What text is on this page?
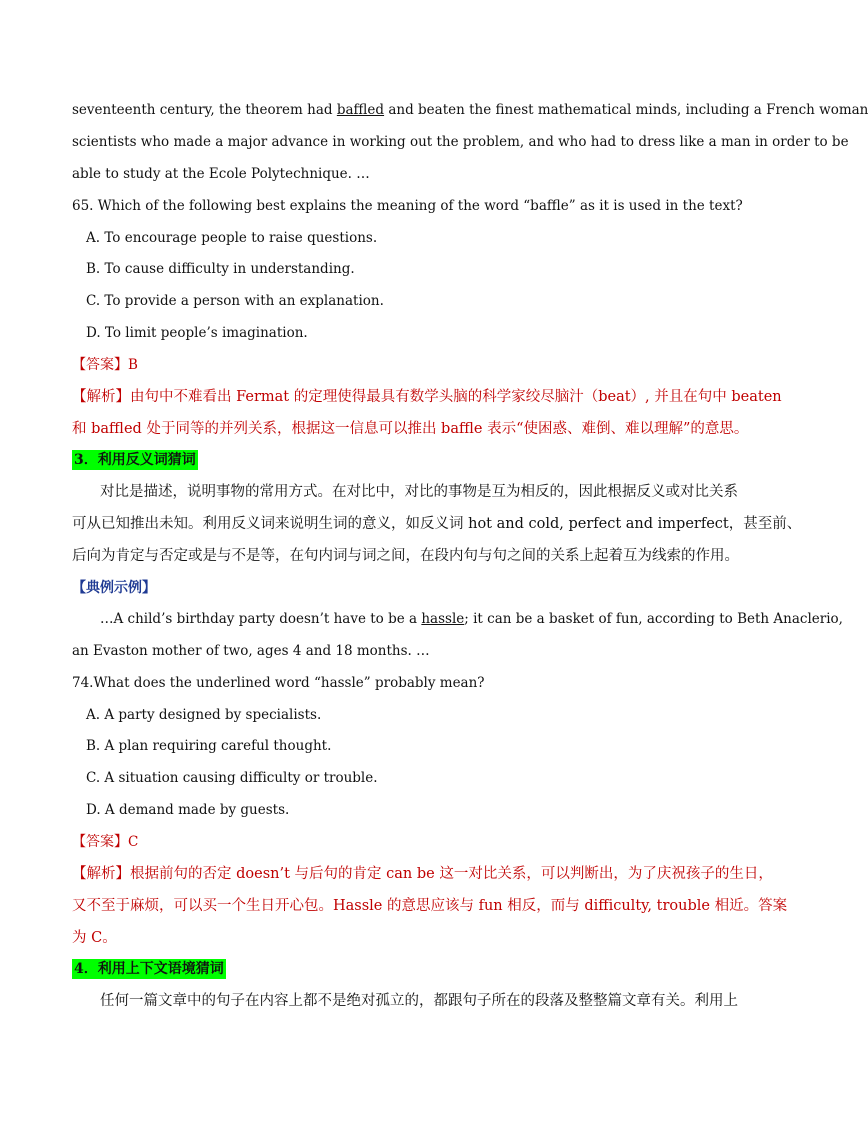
seventeenth century, the theorem had baffled and beaten the finest mathematical minds, including a French woman
scientists who made a major advance in working out the problem, and who had to dress like a man in order to be
able to study at the Ecole Polytechnique. …
65. Which of the following best explains the meaning of the word “baffle” as it is used in the text?
A. To encourage people to raise questions.
B. To cause difficulty in understanding.
C. To provide a person with an explanation.
D. To limit people’s imagination.
【答案】B
【解析】由句中不难看出 Fermat 的定理使得最具有数学头脑的科学家绞尽脑汁（beat）, 并且在句中 beaten
和 baffled 处于同等的并列关系，根据这一信息可以推出 baffle 表示“使困惑、难倒、难以理解”的意思。
3．利用反义词猜词
对比是描述，说明事物的常用方式。在对比中，对比的事物是互为相反的，因此根据反义或对比关系
可从已知推出未知。利用反义词来说明生词的意义，如反义词 hot and cold, perfect and imperfect，甚至前、
后向为肯定与否定或是与不是等，在句内词与词之间，在段内句与句之间的关系上起着互为线索的作用。
【典例示例】
…A child’s birthday party doesn’t have to be a hassle; it can be a basket of fun, according to Beth Anaclerio,
an Evaston mother of two, ages 4 and 18 months. …
74.What does the underlined word “hassle” probably mean?
A. A party designed by specialists.
B. A plan requiring careful thought.
C. A situation causing difficulty or trouble.
D. A demand made by guests.
【答案】C
【解析】根据前句的否定 doesn’t 与后句的肯定 can be 这一对比关系，可以判断出，为了庆祝孩子的生日，
又不至于麻烦，可以买一个生日开心包。Hassle 的意思应该与 fun 相反，而与 difficulty, trouble 相近。答案
为 C。
4．利用上下文语境猜词
任何一篇文章中的句子在内容上都不是绝对孤立的，都跟句子所在的段落及整整篇文章有关。利用上
